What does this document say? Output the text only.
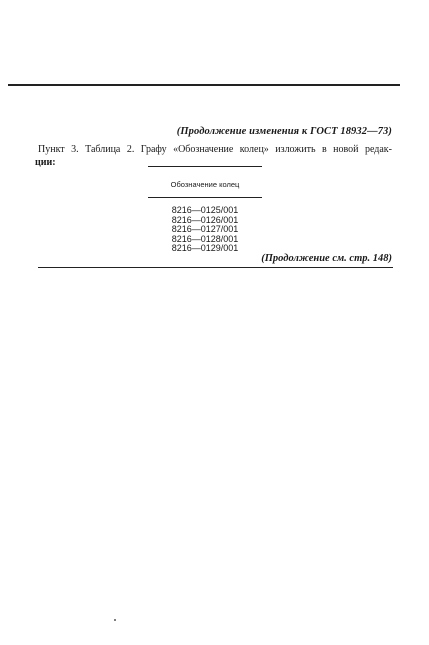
(Продолжение изменения к ГОСТ 18932—73)
Пункт 3. Таблица 2. Графу «Обозначение колец» изложить в новой редак-
ции:
Обозначение колец
8216—0125/001
8216—0126/001
8216—0127/001
8216—0128/001
8216—0129/001
(Продолжение см. стр. 148)
